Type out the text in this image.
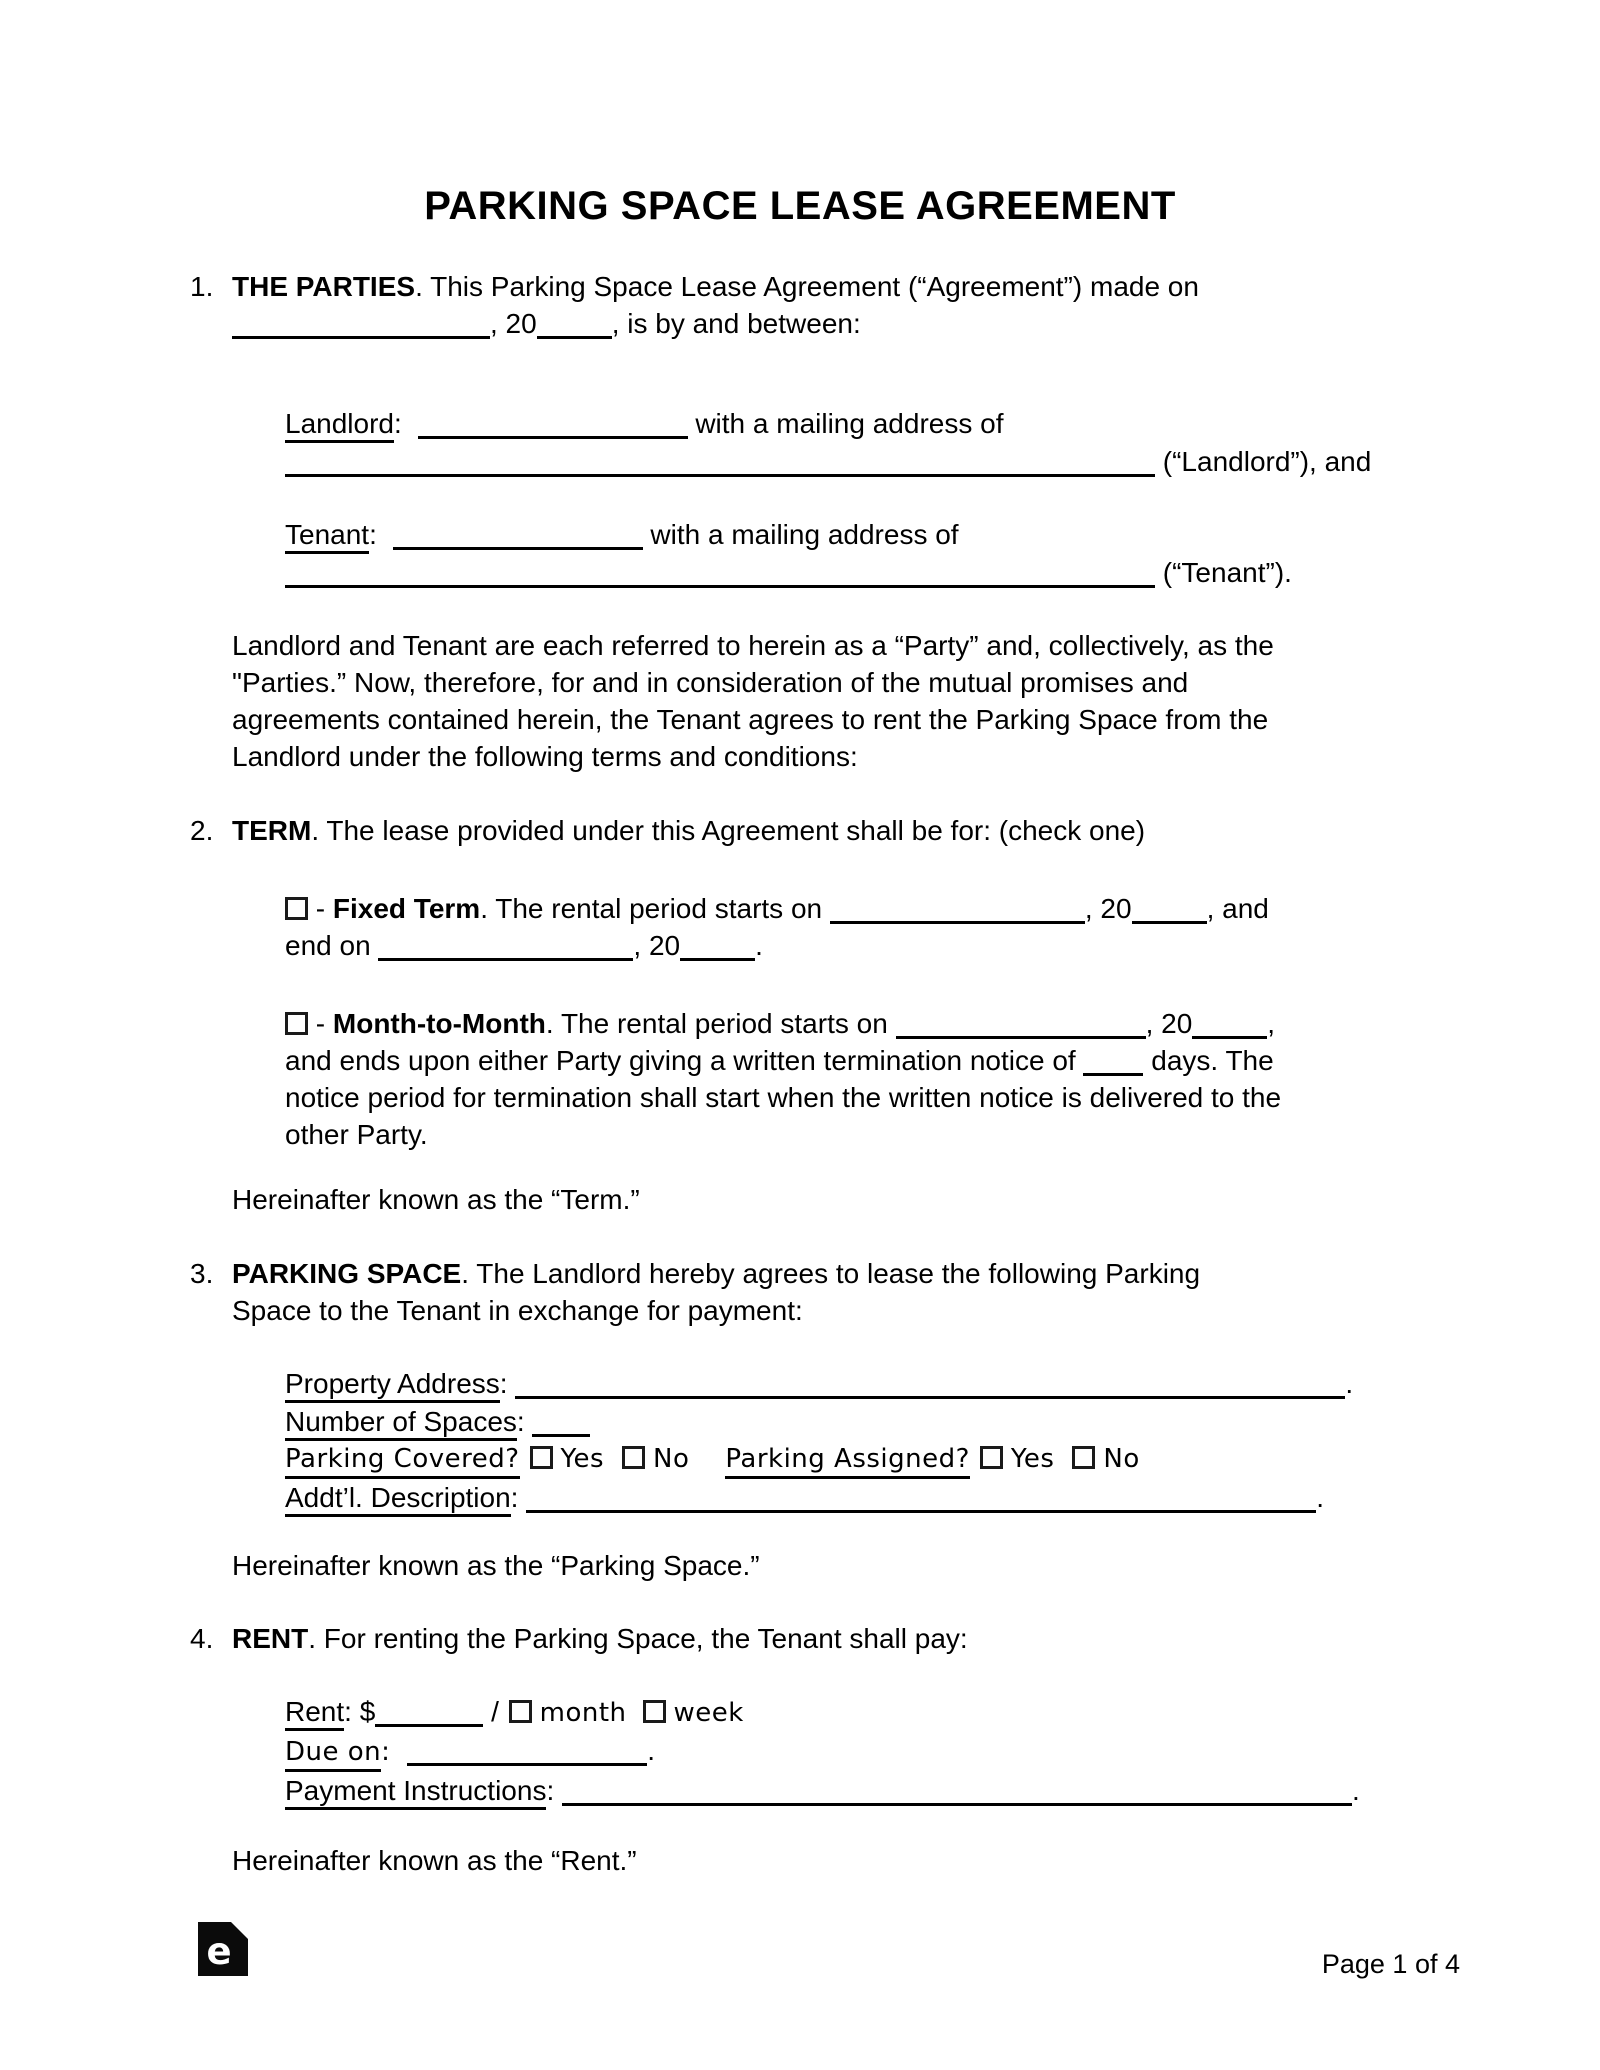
PARKING SPACE LEASE AGREEMENT
1. THE PARTIES. This Parking Space Lease Agreement (“Agreement”) made on
, 20	, is by and between:
Landlord:	with a mailing address of
(“Landlord”), and
Tenant:	with a mailing address of
(“Tenant”).
Landlord and Tenant are each referred to herein as a “Party” and, collectively, as the
"Parties.” Now, therefore, for and in consideration of the mutual promises and
agreements contained herein, the Tenant agrees to rent the Parking Space from the
Landlord under the following terms and conditions:
2. TERM. The lease provided under this Agreement shall be for: (check one)
- Fixed Term. The rental period starts on	, 20	, and
end on	, 20	.
- Month-to-Month. The rental period starts on	, 20	,
and ends upon either Party giving a written termination notice of  days. The
notice period for termination shall start when the written notice is delivered to the
other Party.
Hereinafter known as the “Term.”
3. PARKING SPACE. The Landlord hereby agrees to lease the following Parking
Space to the Tenant in exchange for payment:
Property Address:	.
Number of Spaces:
Parking Covered? Yes No Parking Assigned? Yes No
Addt’l. Description:	.
Hereinafter known as the “Parking Space.”
4. RENT. For renting the Parking Space, the Tenant shall pay:
Rent: $	/ month week
Due on:	.
Payment Instructions:	.
Hereinafter known as the “Rent.”
e	Page 1 of 4
